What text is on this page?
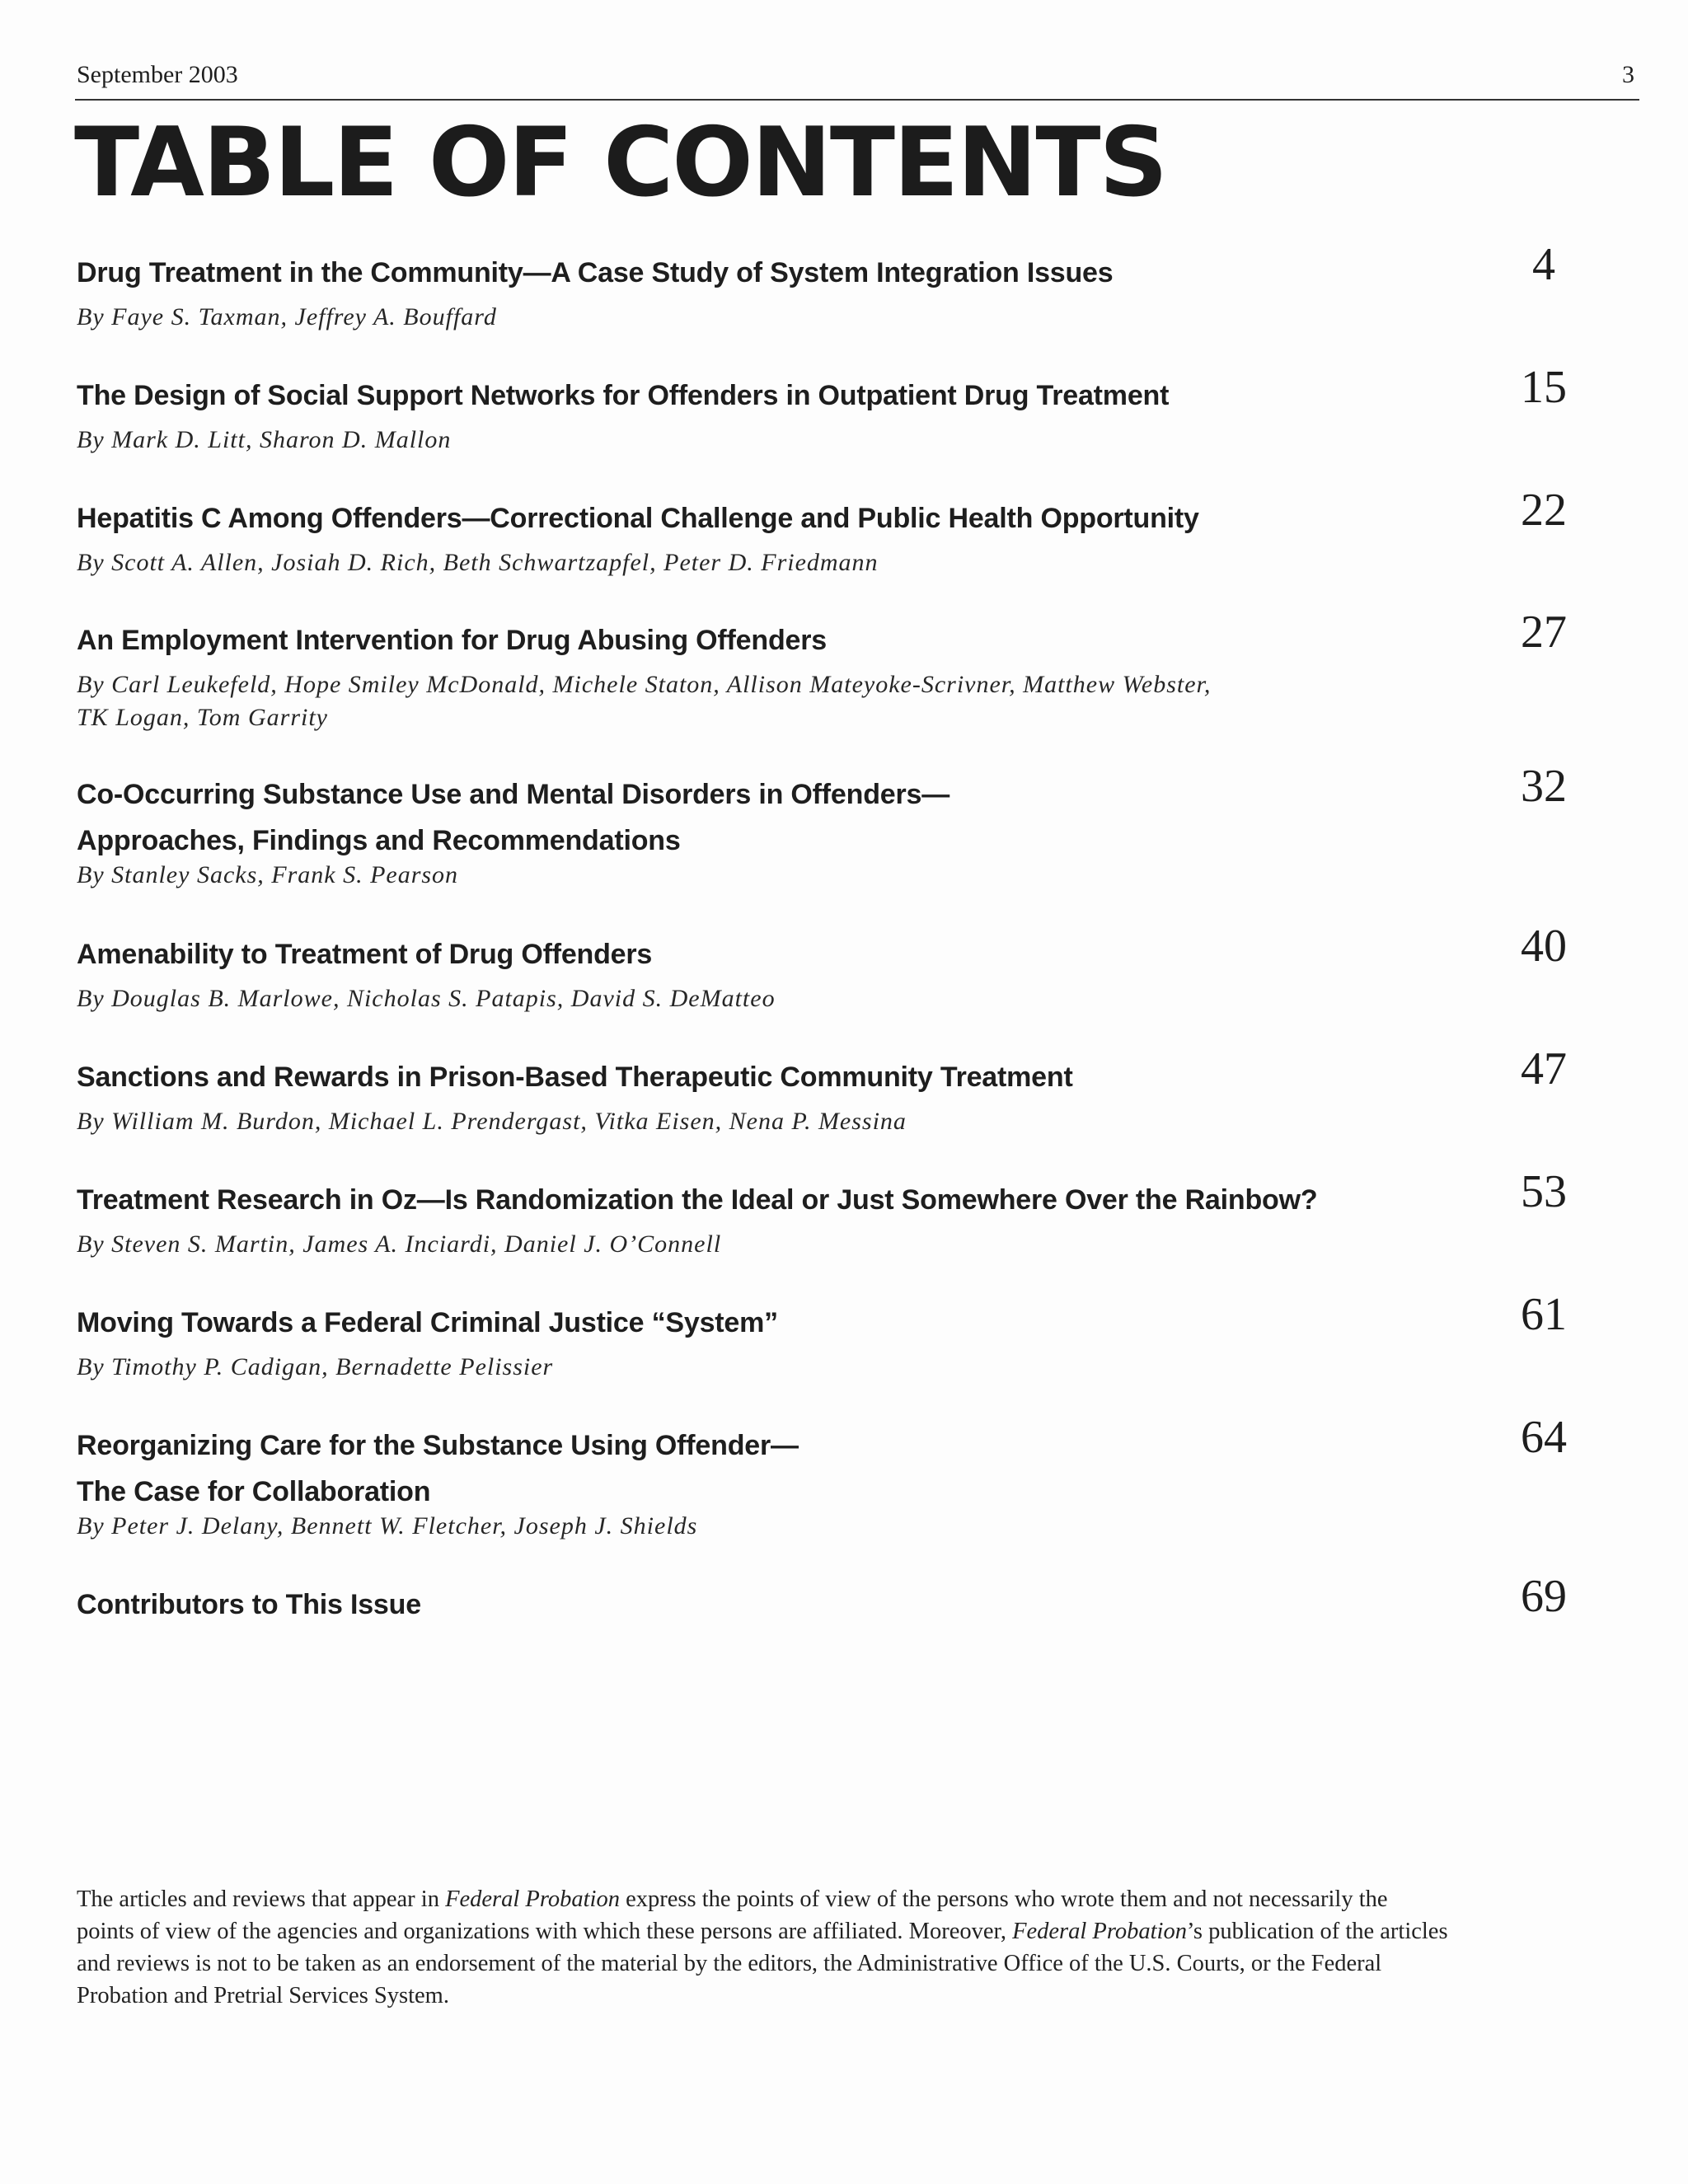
September 2003	3
TABLE OF CONTENTS
Drug Treatment in the Community—A Case Study of System Integration Issues
By Faye S. Taxman, Jeffrey A. Bouffard
4
The Design of Social Support Networks for Offenders in Outpatient Drug Treatment
By Mark D. Litt, Sharon D. Mallon
15
Hepatitis C Among Offenders—Correctional Challenge and Public Health Opportunity
By Scott A. Allen, Josiah D. Rich, Beth Schwartzapfel, Peter D. Friedmann
22
An Employment Intervention for Drug Abusing Offenders
By Carl Leukefeld, Hope Smiley McDonald, Michele Staton, Allison Mateyoke-Scrivner, Matthew Webster,
TK Logan, Tom Garrity
27
Co-Occurring Substance Use and Mental Disorders in Offenders—
Approaches, Findings and Recommendations
By Stanley Sacks, Frank S. Pearson
32
Amenability to Treatment of Drug Offenders
By Douglas B. Marlowe, Nicholas S. Patapis, David S. DeMatteo
40
Sanctions and Rewards in Prison-Based Therapeutic Community Treatment
By William M. Burdon, Michael L. Prendergast, Vitka Eisen, Nena P. Messina
47
Treatment Research in Oz—Is Randomization the Ideal or Just Somewhere Over the Rainbow?
By Steven S. Martin, James A. Inciardi, Daniel J. O’Connell
53
Moving Towards a Federal Criminal Justice “System”
By Timothy P. Cadigan, Bernadette Pelissier
61
Reorganizing Care for the Substance Using Offender—
The Case for Collaboration
By Peter J. Delany, Bennett W. Fletcher, Joseph J. Shields
64
Contributors to This Issue	69
The articles and reviews that appear in Federal Probation express the points of view of the persons who wrote them and not necessarily the
points of view of the agencies and organizations with which these persons are affiliated. Moreover, Federal Probation’s publication of the articles
and reviews is not to be taken as an endorsement of the material by the editors, the Administrative Office of the U.S. Courts, or the Federal
Probation and Pretrial Services System.
